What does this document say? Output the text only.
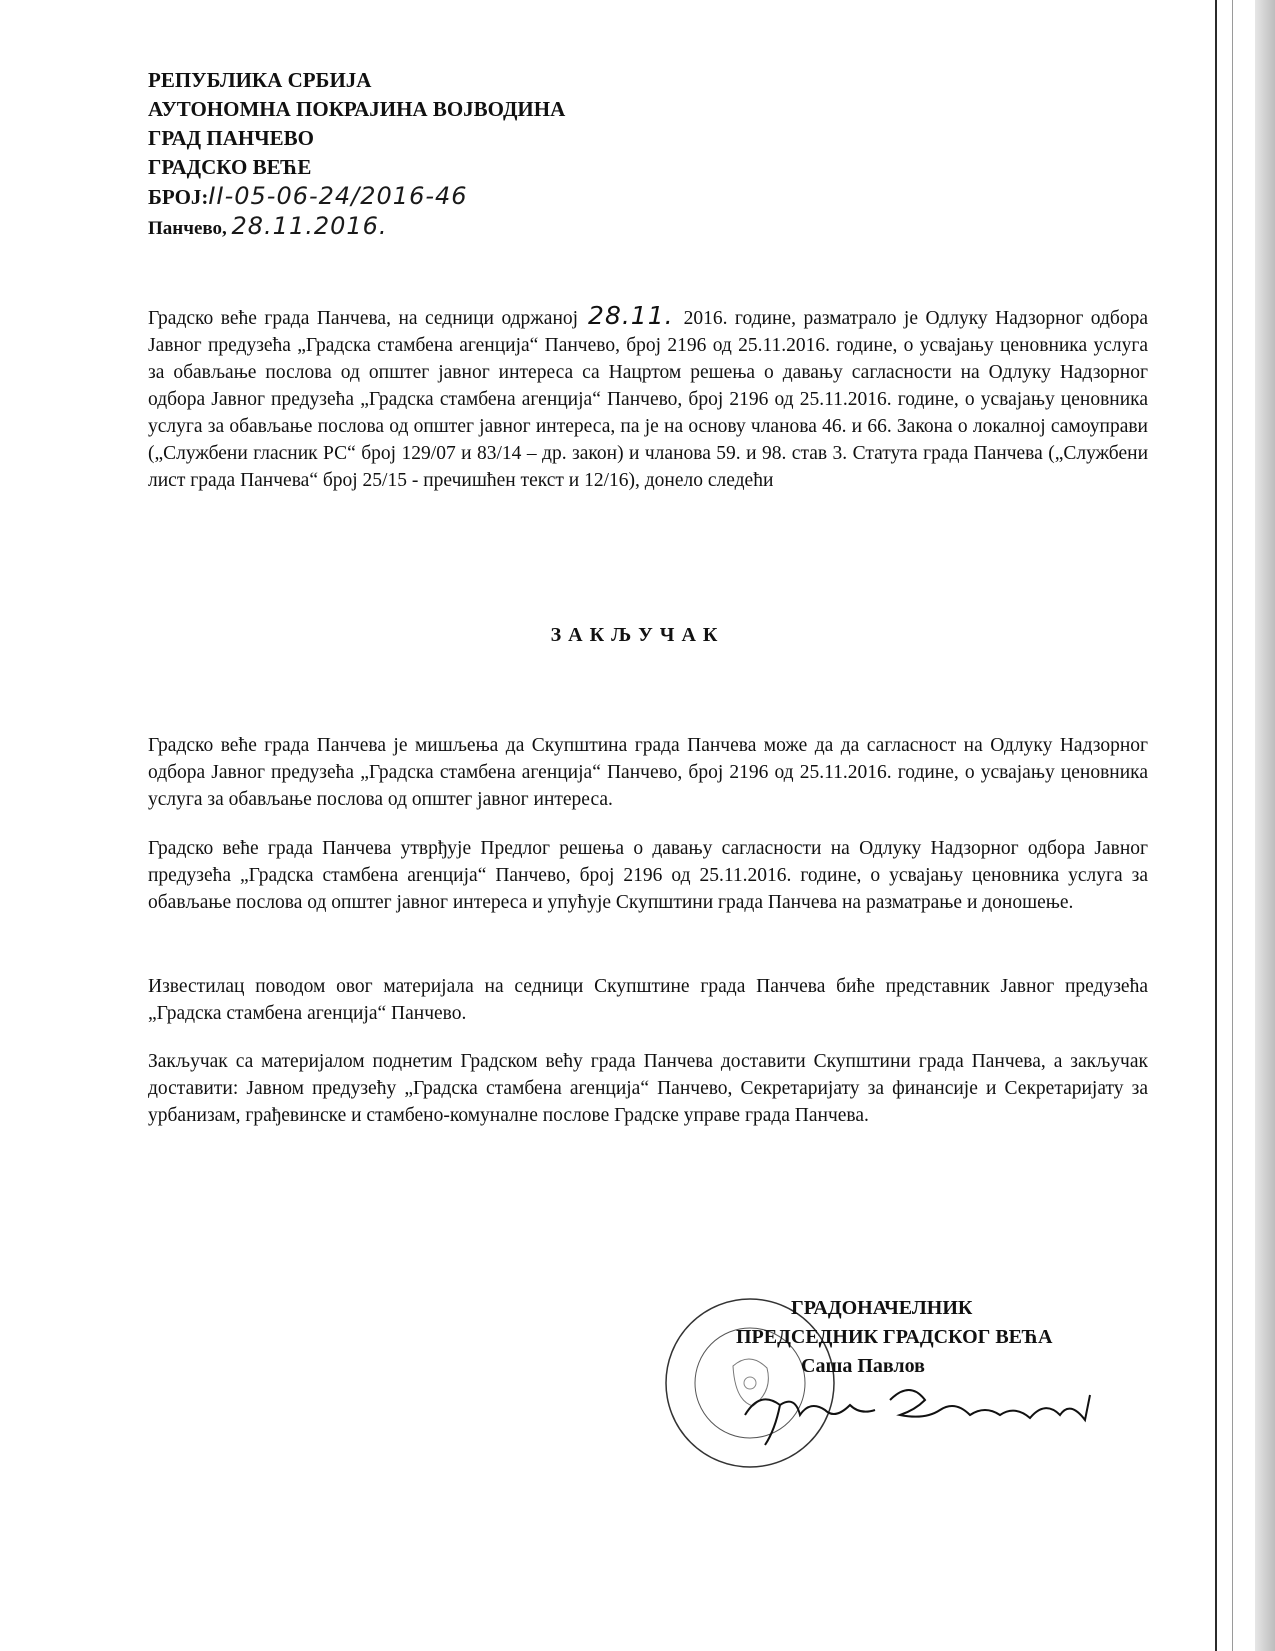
РЕПУБЛИКА СРБИЈА
АУТОНОМНА ПОКРАЈИНА ВОЈВОДИНА
ГРАД ПАНЧЕВО
ГРАДСКО ВЕЋЕ
БРОЈ:II-05-06-24/2016-46
Панчево, 28.11.2016.

Градско веће града Панчева, на седници одржаној 28.11. 2016. године, разматрало је Одлуку Надзорног одбора Јавног предузећа „Градска стамбена агенција“ Панчево, број 2196 од 25.11.2016. године, о усвајању ценовника услуга за обављање послова од општег јавног интереса са Нацртом решења о давању сагласности на Одлуку Надзорног одбора Јавног предузећа „Градска стамбена агенција“ Панчево, број 2196 од 25.11.2016. године, о усвајању ценовника услуга за обављање послова од општег јавног интереса, па је на основу чланова 46. и 66. Закона о локалној самоуправи („Службени гласник РС“ број 129/07 и 83/14 – др. закон) и чланова 59. и 98. став 3. Статута града Панчева („Службени лист града Панчева“ број 25/15 - пречишћен текст и 12/16), донело следећи

ЗАКЉУЧАК

Градско веће града Панчева је мишљења да Скупштина града Панчева може да да сагласност на Одлуку Надзорног одбора Јавног предузећа „Градска стамбена агенција“ Панчево, број 2196 од 25.11.2016. године, о усвајању ценовника услуга за обављање послова од општег јавног интереса.

Градско веће града Панчева утврђује Предлог решења о давању сагласности на Одлуку Надзорног одбора Јавног предузећа „Градска стамбена агенција“ Панчево, број 2196 од 25.11.2016. године, о усвајању ценовника услуга за обављање послова од општег јавног интереса и упућује Скупштини града Панчева на разматрање и доношење.

Известилац поводом овог материјала на седници Скупштине града Панчева биће представник Јавног предузећа „Градска стамбена агенција“ Панчево.

Закључак са материјалом поднетим Градском већу града Панчева доставити Скупштини града Панчева, а закључак доставити: Јавном предузећу „Градска стамбена агенција“ Панчево, Секретаријату за финансије и Секретаријату за урбанизам, грађевинске и стамбено-комуналне послове Градске управе града Панчева.

ГРАДОНАЧЕЛНИК
ПРЕДСЕДНИК ГРАДСКОГ ВЕЋА
Саша Павлов
